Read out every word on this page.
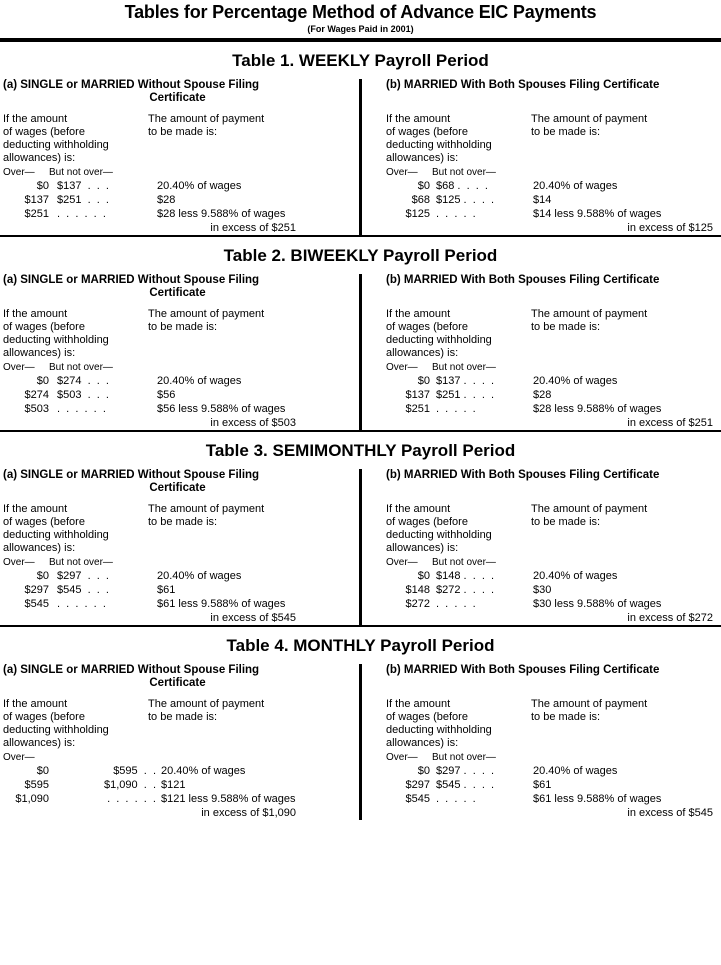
Tables for Percentage Method of Advance EIC Payments
(For Wages Paid in 2001)
Table 1. WEEKLY Payroll Period
(a) SINGLE or MARRIED Without Spouse Filing
Certificate
If the amount
of wages (before
deducting withholding
allowances) is:
The amount of payment
to be made is:
Over—	But not over—
$0 $137  .  .  .	20.40% of wages
$137 $251  .  .  .	$28
$251 .  .  .  .  .  .	$28 less 9.588% of wages
in excess of $251
(b) MARRIED With Both Spouses Filing Certificate
If the amount
of wages (before
deducting withholding
allowances) is:
The amount of payment
to be made is:
Over—	But not over—
$0 $68 .  .  .  .	20.40% of wages
$68 $125 .  .  .  .	$14
$125 .  .  .  .  .	$14 less 9.588% of wages
in excess of $125
Table 2. BIWEEKLY Payroll Period
(a) SINGLE or MARRIED Without Spouse Filing
Certificate
If the amount
of wages (before
deducting withholding
allowances) is:
The amount of payment
to be made is:
Over—	But not over—
$0 $274  .  .  .	20.40% of wages
$274 $503  .  .  .	$56
$503 .  .  .  .  .  .	$56 less 9.588% of wages
in excess of $503
(b) MARRIED With Both Spouses Filing Certificate
If the amount
of wages (before
deducting withholding
allowances) is:
The amount of payment
to be made is:
Over—	But not over—
$0 $137 .  .  .  .	20.40% of wages
$137 $251 .  .  .  .	$28
$251 .  .  .  .  .	$28 less 9.588% of wages
in excess of $251
Table 3. SEMIMONTHLY Payroll Period
(a) SINGLE or MARRIED Without Spouse Filing
Certificate
If the amount
of wages (before
deducting withholding
allowances) is:
The amount of payment
to be made is:
Over—	But not over—
$0 $297  .  .  .	20.40% of wages
$297 $545  .  .  .	$61
$545 .  .  .  .  .  .	$61 less 9.588% of wages
in excess of $545
(b) MARRIED With Both Spouses Filing Certificate
If the amount
of wages (before
deducting withholding
allowances) is:
The amount of payment
to be made is:
Over—	But not over—
$0 $148 .  .  .  .	20.40% of wages
$148 $272 .  .  .  .	$30
$272 .  .  .  .  .	$30 less 9.588% of wages
in excess of $272
Table 4. MONTHLY Payroll Period
(a) SINGLE or MARRIED Without Spouse Filing
Certificate
If the amount
of wages (before
deducting withholding
allowances) is:
The amount of payment
to be made is:
Over—
$0	$595  .  . 20.40% of wages
$595	$1,090  .  . $121
$1,090	.  .  .  .  .  . $121 less 9.588% of wages
in excess of $1,090
(b) MARRIED With Both Spouses Filing Certificate
If the amount
of wages (before
deducting withholding
allowances) is:
The amount of payment
to be made is:
Over—	But not over—
$0 $297 .  .  .  .	20.40% of wages
$297 $545 .  .  .  .	$61
$545 .  .  .  .  .	$61 less 9.588% of wages
in excess of $545
